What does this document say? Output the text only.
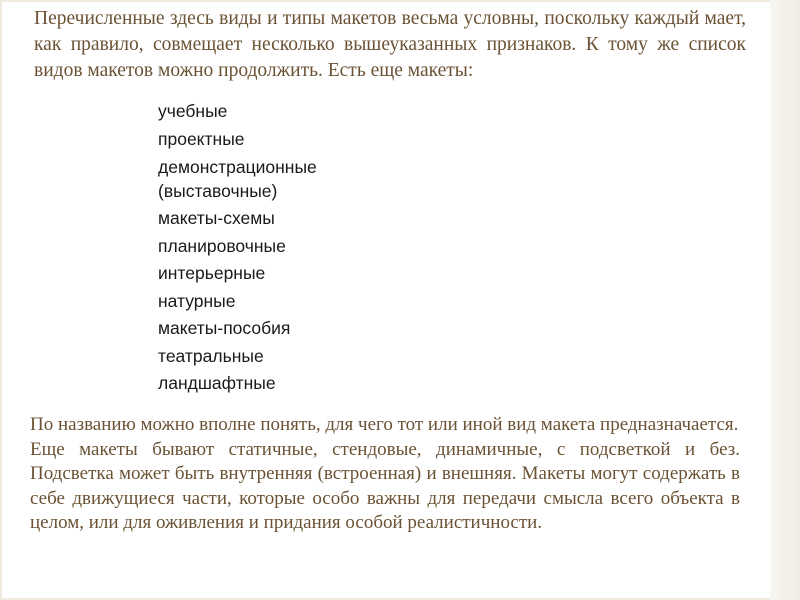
Перечисленные здесь виды и типы макетов весьма условны, поскольку каждый мает, как правило, совмещает несколько вышеуказанных признаков. К тому же список видов макетов можно продолжить. Есть еще макеты:

учебные
проектные
демонстрационные (выставочные)
макеты-схемы
планировочные
интерьерные
натурные
макеты-пособия
театральные
ландшафтные

По названию можно вполне понять, для чего тот или иной вид макета предназначается.

Еще макеты бывают статичные, стендовые, динамичные, с подсветкой и без. Подсветка может быть внутренняя (встроенная) и внешняя. Макеты могут содержать в себе движущиеся части, которые особо важны для передачи смысла всего объекта в целом, или для оживления и придания особой реалистичности.
